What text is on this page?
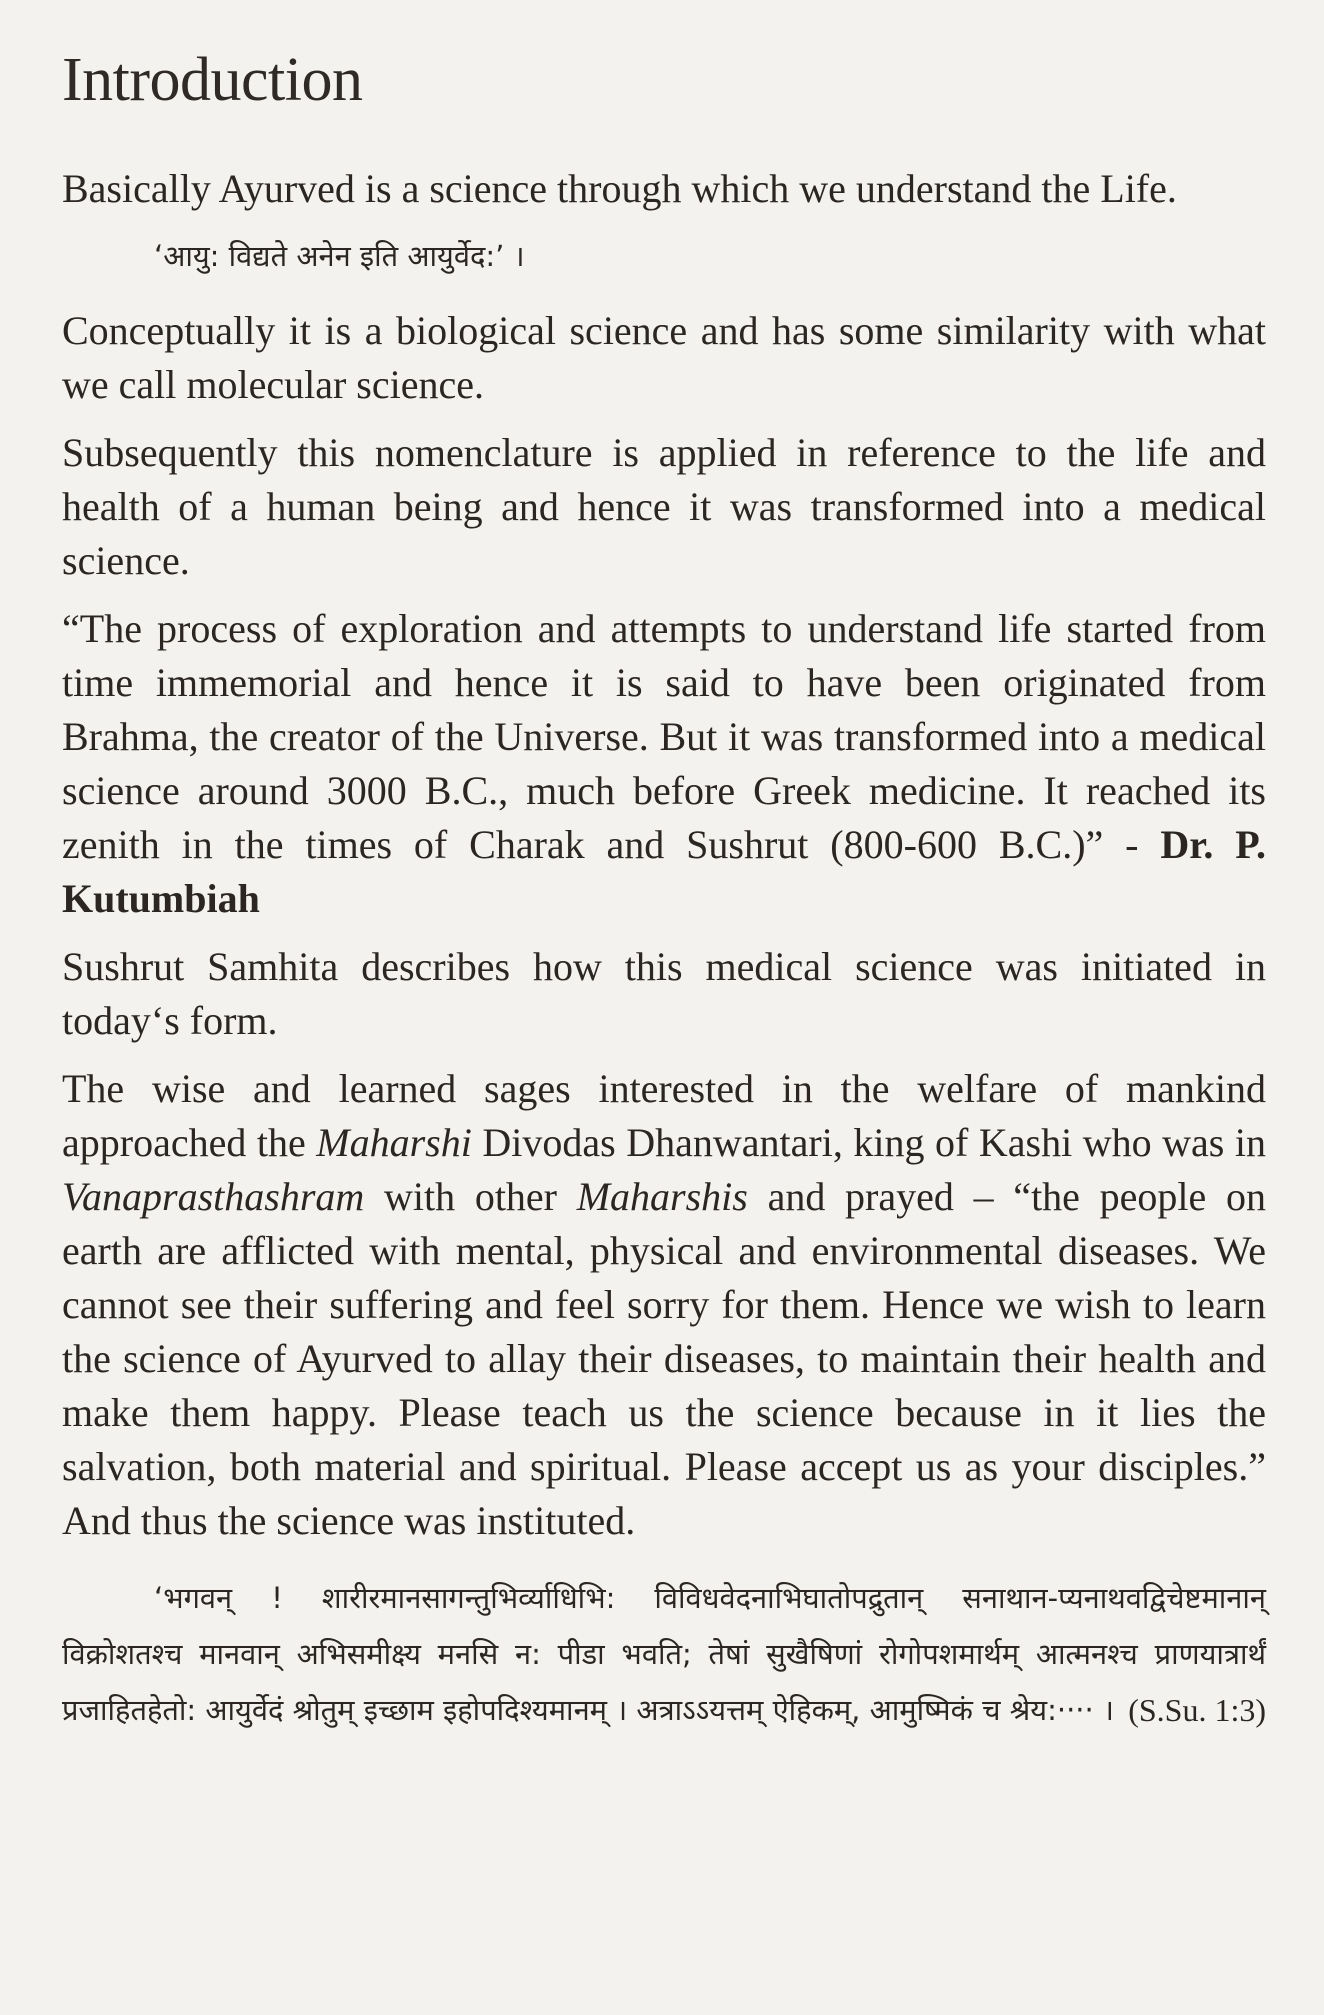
Introduction

Basically Ayurved is a science through which we understand the Life.

‘आयु: विद्यते अनेन इति आयुर्वेद:’ ।

Conceptually it is a biological science and has some similarity with what we call molecular science.

Subsequently this nomenclature is applied in reference to the life and health of a human being and hence it was transformed into a medical science.

“The process of exploration and attempts to understand life started from time immemorial and hence it is said to have been originated from Brahma, the creator of the Universe. But it was transformed into a medical science around 3000 B.C., much before Greek medicine. It reached its zenith in the times of Charak and Sushrut (800-600 B.C.)” - Dr. P. Kutumbiah

Sushrut Samhita describes how this medical science was initiated in today‘s form.

The wise and learned sages interested in the welfare of mankind approached the Maharshi Divodas Dhanwantari, king of Kashi who was in Vanaprasthashram with other Maharshis and prayed – “the people on earth are afflicted with mental, physical and environmental diseases. We cannot see their suffering and feel sorry for them. Hence we wish to learn the science of Ayurved to allay their diseases, to maintain their health and make them happy. Please teach us the science because in it lies the salvation, both material and spiritual. Please accept us as your disciples.” And thus the science was instituted.

‘भगवन् ! शारीरमानसागन्तुभिर्व्याधिभि: विविधवेदनाभिघातोपद्रुतान् सनाथान-प्यनाथवद्विचेष्टमानान् विक्रोशतश्च मानवान् अभिसमीक्ष्य मनसि न: पीडा भवति; तेषां सुखैषिणां रोगोपशमार्थम् आत्मनश्च प्राणयात्रार्थं प्रजाहितहेतो: आयुर्वेदं श्रोतुम् इच्छाम इहोपदिश्यमानम् । अत्राऽऽयत्तम् ऐहिकम्, आमुष्मिकं च श्रेय:···· । (S.Su. 1:3)
